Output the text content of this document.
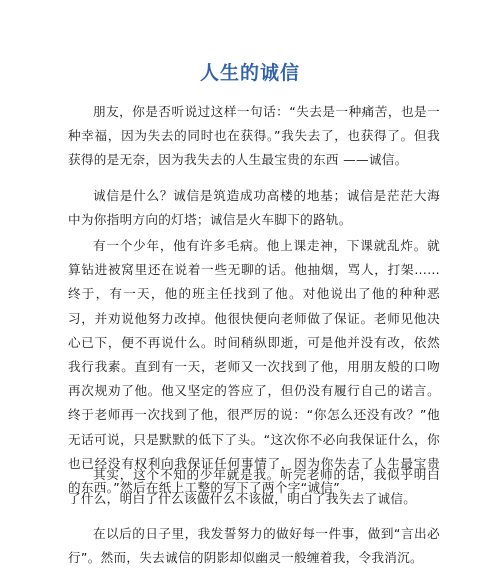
人生的诚信
朋友，你是否听说过这样一句话：“失去是一种痛苦，也是一种幸福，因为失去的同时也在获得。”我失去了，也获得了。但我获得的是无奈，因为我失去的人生最宝贵的东西 ——诚信。
诚信是什么？诚信是筑造成功高楼的地基；诚信是茫茫大海中为你指明方向的灯塔；诚信是火车脚下的路轨。
有一个少年，他有许多毛病。他上课走神，下课就乱炸。就算钻进被窝里还在说着一些无聊的话。他抽烟，骂人，打架……终于，有一天，他的班主任找到了他。对他说出了他的种种恶习，并劝说他努力改掉。他很快便向老师做了保证。老师见他决心已下，便不再说什么。时间稍纵即逝，可是他并没有改，依然我行我素。直到有一天，老师又一次找到了他，用朋友般的口吻再次规劝了他。他又坚定的答应了，但仍没有履行自己的诺言。终于老师再一次找到了他，很严厉的说：“你怎么还没有改？”他无话可说，只是默默的低下了头。“这次你不必向我保证什么，你也已经没有权利向我保证任何事情了，因为你失去了人生最宝贵的东西。”然后在纸上工整的写下了两个字“诚信”。
其实，这个不知的少年就是我。听完老师的话，我似乎明白了什么，明白了什么该做什么不该做，明白了我失去了诚信。
在以后的日子里，我发誓努力的做好每一件事，做到“言出必行”。然而，失去诚信的阴影却似幽灵一般缠着我，令我消沉。
